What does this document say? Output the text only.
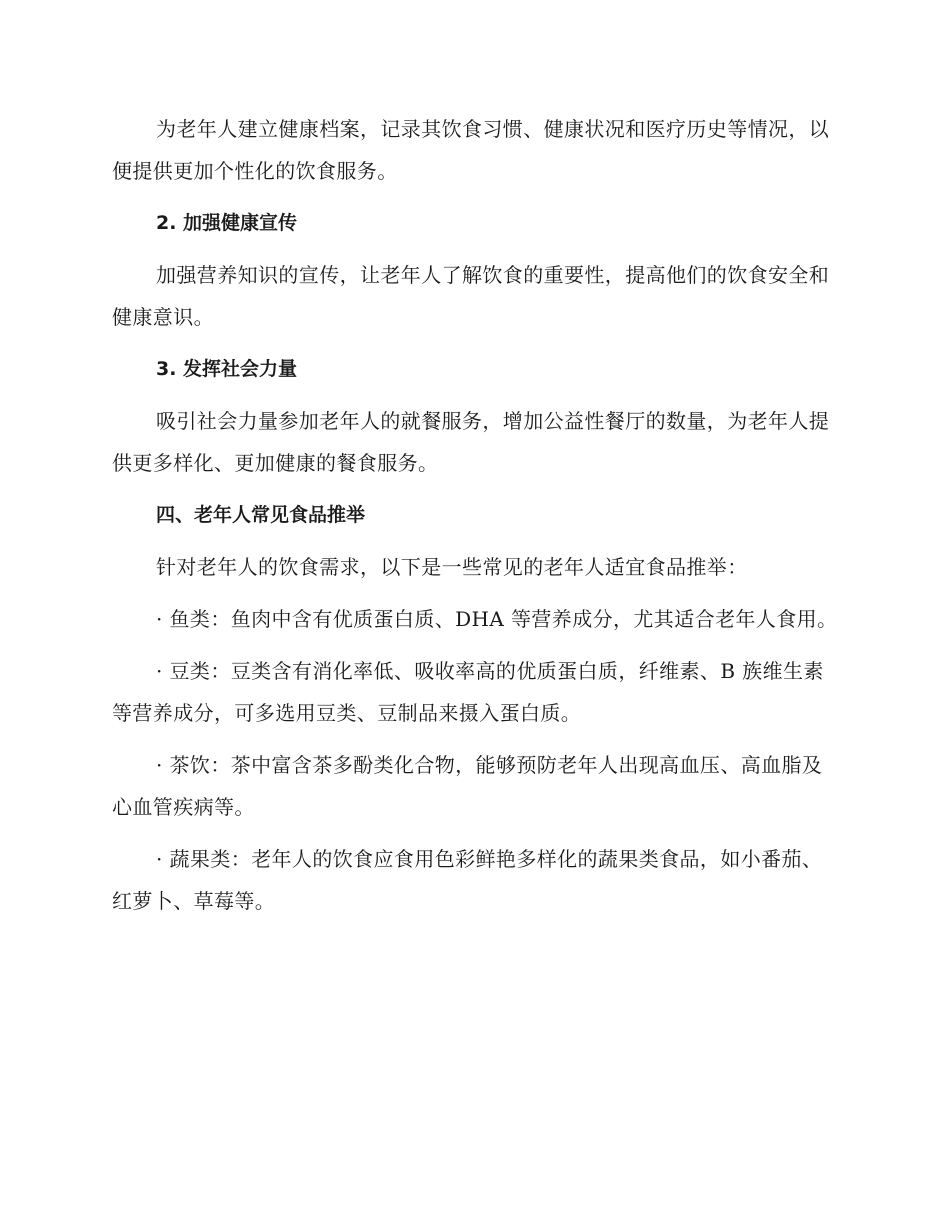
为老年人建立健康档案，记录其饮食习惯、健康状况和医疗历史等情况，以便提供更加个性化的饮食服务。

2. 加强健康宣传

加强营养知识的宣传，让老年人了解饮食的重要性，提高他们的饮食安全和健康意识。

3. 发挥社会力量

吸引社会力量参加老年人的就餐服务，增加公益性餐厅的数量，为老年人提供更多样化、更加健康的餐食服务。

四、老年人常见食品推举

针对老年人的饮食需求，以下是一些常见的老年人适宜食品推举：

· 鱼类：鱼肉中含有优质蛋白质、DHA 等营养成分，尤其适合老年人食用。

· 豆类：豆类含有消化率低、吸收率高的优质蛋白质，纤维素、B 族维生素等营养成分，可多选用豆类、豆制品来摄入蛋白质。

· 茶饮：茶中富含茶多酚类化合物，能够预防老年人出现高血压、高血脂及心血管疾病等。

· 蔬果类：老年人的饮食应食用色彩鲜艳多样化的蔬果类食品，如小番茄、红萝卜、草莓等。
